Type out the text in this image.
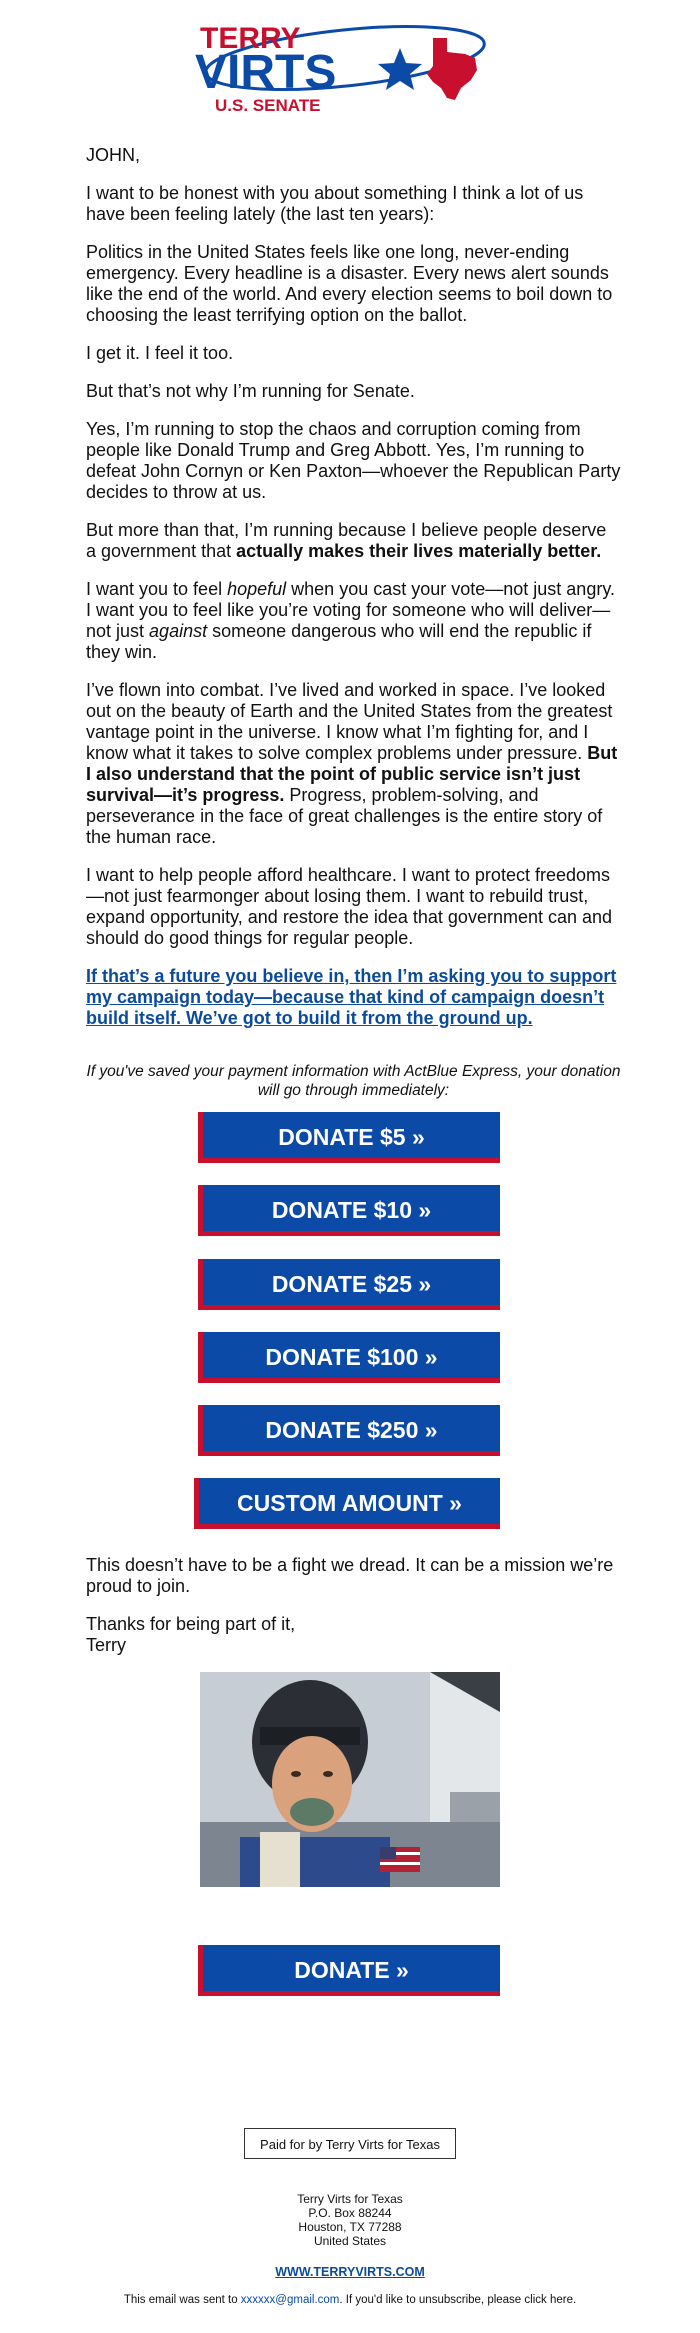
TERRY
VIRTS
U.S. SENATE

JOHN,

I want to be honest with you about something I think a lot of us have been feeling lately (the last ten years):

Politics in the United States feels like one long, never-ending emergency. Every headline is a disaster. Every news alert sounds like the end of the world. And every election seems to boil down to choosing the least terrifying option on the ballot.

I get it. I feel it too.

But that’s not why I’m running for Senate.

Yes, I’m running to stop the chaos and corruption coming from people like Donald Trump and Greg Abbott. Yes, I’m running to defeat John Cornyn or Ken Paxton—whoever the Republican Party decides to throw at us.

But more than that, I’m running because I believe people deserve a government that actually makes their lives materially better.

I want you to feel hopeful when you cast your vote—not just angry. I want you to feel like you’re voting for someone who will deliver—not just against someone dangerous who will end the republic if they win.

I’ve flown into combat. I’ve lived and worked in space. I’ve looked out on the beauty of Earth and the United States from the greatest vantage point in the universe. I know what I’m fighting for, and I know what it takes to solve complex problems under pressure. But I also understand that the point of public service isn’t just survival—it’s progress. Progress, problem-solving, and perseverance in the face of great challenges is the entire story of the human race.

I want to help people afford healthcare. I want to protect freedoms—not just fearmonger about losing them. I want to rebuild trust, expand opportunity, and restore the idea that government can and should do good things for regular people.

If that’s a future you believe in, then I’m asking you to support my campaign today—because that kind of campaign doesn’t build itself. We’ve got to build it from the ground up.
If you've saved your payment information with ActBlue Express, your donation will go through immediately:
DONATE $5 »
DONATE $10 »
DONATE $25 »
DONATE $100 »
DONATE $250 »
CUSTOM AMOUNT »

This doesn’t have to be a fight we dread. It can be a mission we’re proud to join.

Thanks for being part of it,
Terry
DONATE »
Paid for by Terry Virts for Texas
Terry Virts for Texas
P.O. Box 88244
Houston, TX 77288
United States
WWW.TERRYVIRTS.COM
This email was sent to xxxxxx@gmail.com. If you'd like to unsubscribe, please click here.
